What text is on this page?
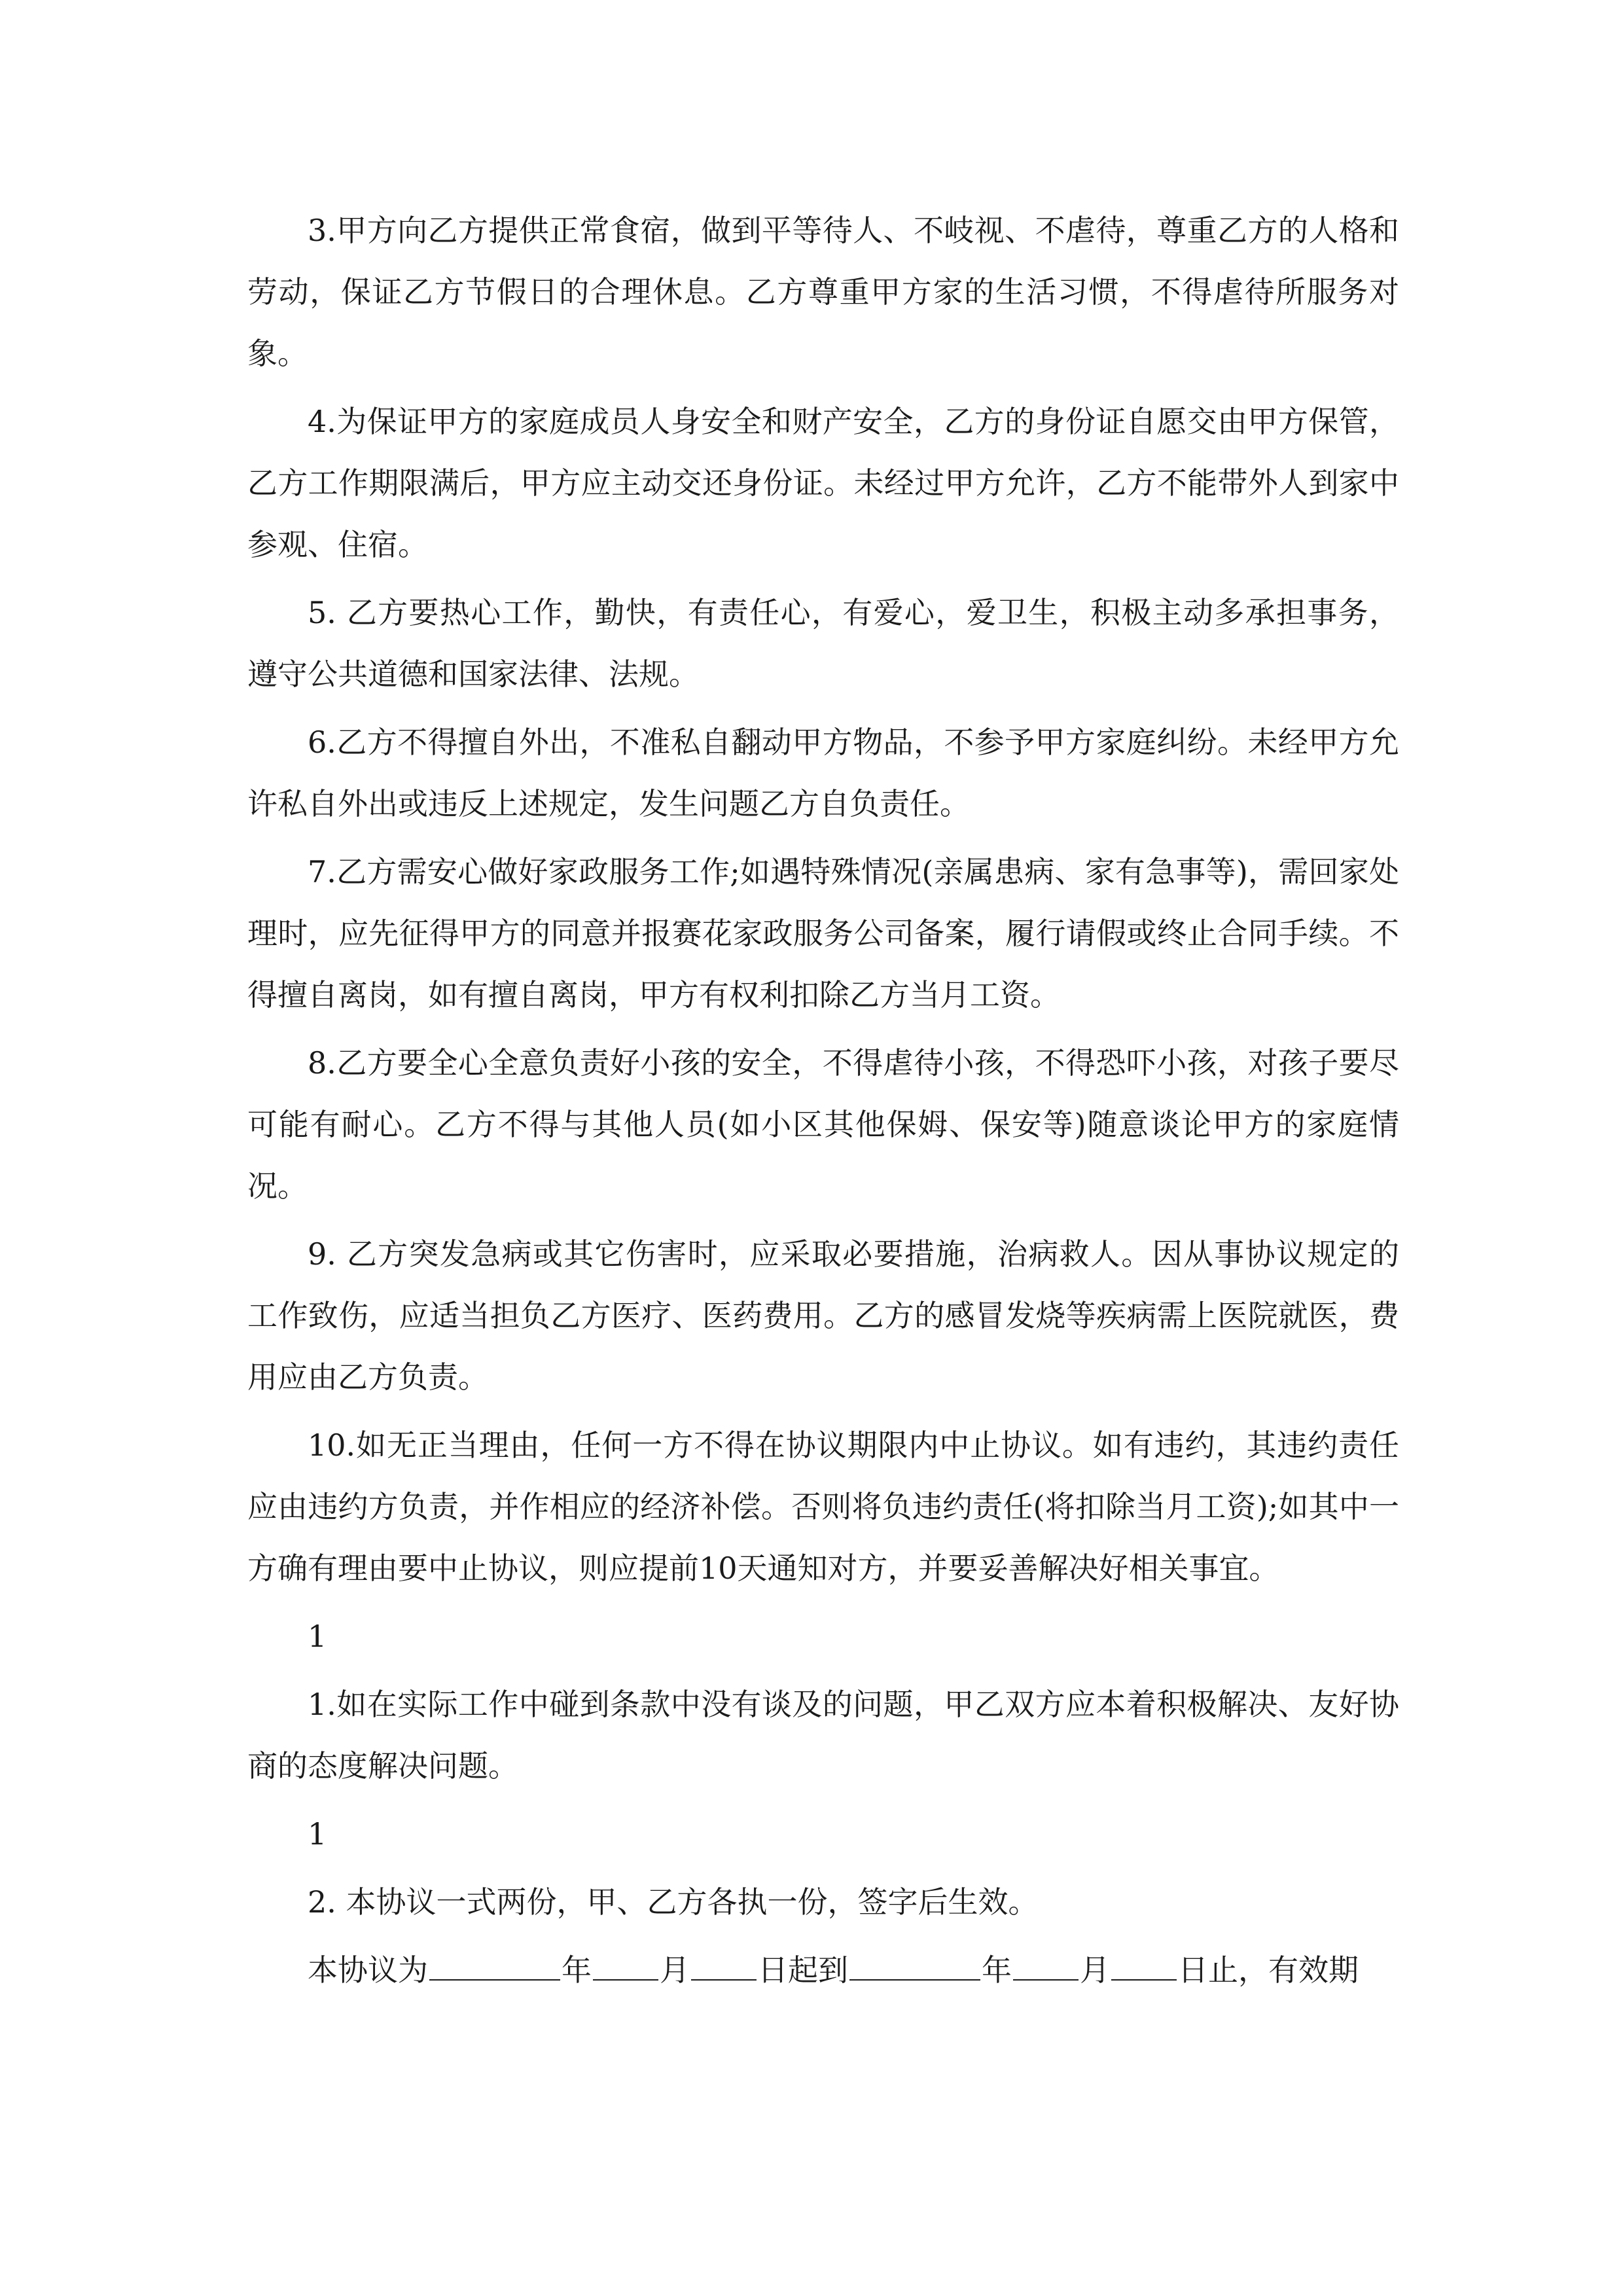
3.甲方向乙方提供正常食宿，做到平等待人、不岐视、不虐待，尊重乙方的人格和劳动，保证乙方节假日的合理休息。乙方尊重甲方家的生活习惯，不得虐待所服务对象。

4.为保证甲方的家庭成员人身安全和财产安全，乙方的身份证自愿交由甲方保管，乙方工作期限满后，甲方应主动交还身份证。未经过甲方允许，乙方不能带外人到家中参观、住宿。

5. 乙方要热心工作，勤快，有责任心，有爱心，爱卫生，积极主动多承担事务，遵守公共道德和国家法律、法规。

6.乙方不得擅自外出，不准私自翻动甲方物品，不参予甲方家庭纠纷。未经甲方允许私自外出或违反上述规定，发生问题乙方自负责任。

7.乙方需安心做好家政服务工作;如遇特殊情况(亲属患病、家有急事等)，需回家处理时，应先征得甲方的同意并报赛花家政服务公司备案，履行请假或终止合同手续。不得擅自离岗，如有擅自离岗，甲方有权利扣除乙方当月工资。

8.乙方要全心全意负责好小孩的安全，不得虐待小孩，不得恐吓小孩，对孩子要尽可能有耐心。乙方不得与其他人员(如小区其他保姆、保安等)随意谈论甲方的家庭情况。

9. 乙方突发急病或其它伤害时，应采取必要措施，治病救人。因从事协议规定的工作致伤，应适当担负乙方医疗、医药费用。乙方的感冒发烧等疾病需上医院就医，费用应由乙方负责。

10.如无正当理由，任何一方不得在协议期限内中止协议。如有违约，其违约责任应由违约方负责，并作相应的经济补偿。否则将负违约责任(将扣除当月工资);如其中一方确有理由要中止协议，则应提前10天通知对方，并要妥善解决好相关事宜。

1

1.如在实际工作中碰到条款中没有谈及的问题，甲乙双方应本着积极解决、友好协商的态度解决问题。

1

2. 本协议一式两份，甲、乙方各执一份，签字后生效。

本协议为	年 月 日起到	年 月 日止，有效期
